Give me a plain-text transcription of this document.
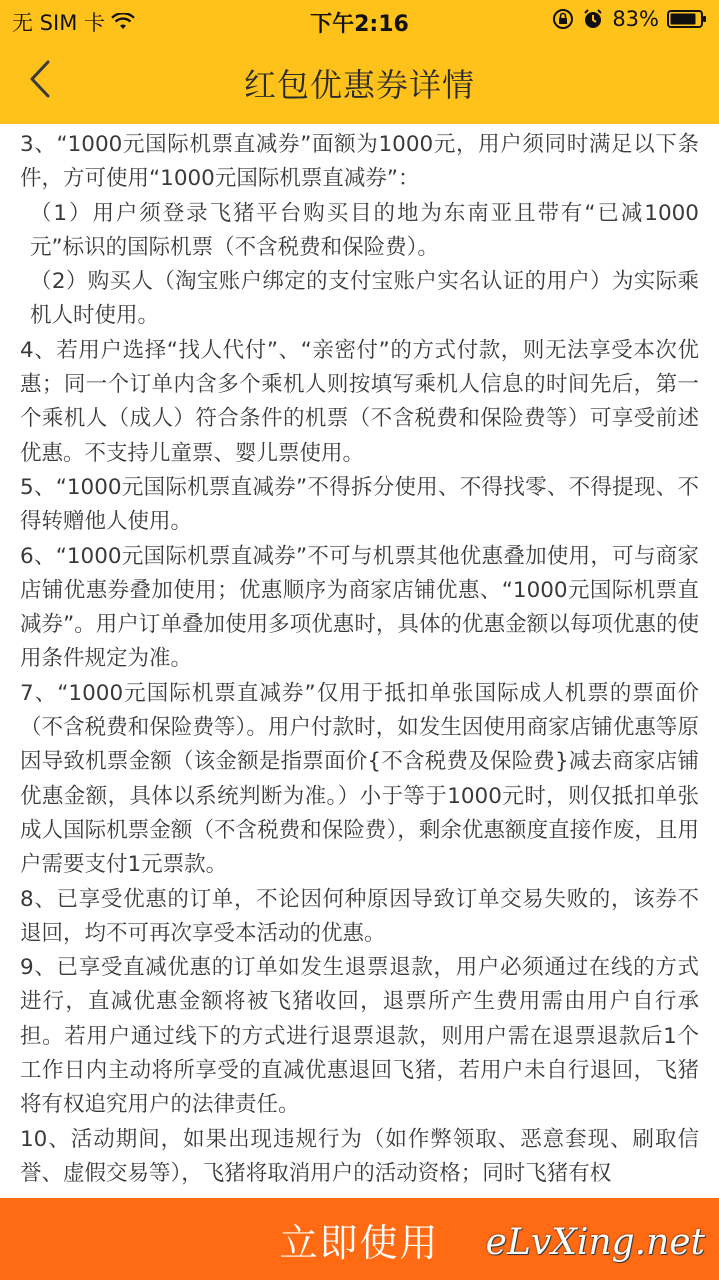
无 SIM 卡	下午2:16	83%
红包优惠券详情

3、“1000元国际机票直减券”面额为1000元，用户须同时满足以下条件，方可使用“1000元国际机票直减券”：

（1）用户须登录飞猪平台购买目的地为东南亚且带有“已减1000元”标识的国际机票（不含税费和保险费）。

（2）购买人（淘宝账户绑定的支付宝账户实名认证的用户）为实际乘机人时使用。

4、若用户选择“找人代付”、“亲密付”的方式付款，则无法享受本次优惠；同一个订单内含多个乘机人则按填写乘机人信息的时间先后，第一个乘机人（成人）符合条件的机票（不含税费和保险费等）可享受前述优惠。不支持儿童票、婴儿票使用。

5、“1000元国际机票直减券”不得拆分使用、不得找零、不得提现、不得转赠他人使用。

6、“1000元国际机票直减券”不可与机票其他优惠叠加使用，可与商家店铺优惠券叠加使用；优惠顺序为商家店铺优惠、“1000元国际机票直减券”。用户订单叠加使用多项优惠时，具体的优惠金额以每项优惠的使用条件规定为准。

7、“1000元国际机票直减券”仅用于抵扣单张国际成人机票的票面价（不含税费和保险费等）。用户付款时，如发生因使用商家店铺优惠等原因导致机票金额（该金额是指票面价{不含税费及保险费}减去商家店铺优惠金额，具体以系统判断为准。）小于等于1000元时，则仅抵扣单张成人国际机票金额（不含税费和保险费），剩余优惠额度直接作废，且用户需要支付1元票款。

8、已享受优惠的订单，不论因何种原因导致订单交易失败的，该券不退回，均不可再次享受本活动的优惠。

9、已享受直减优惠的订单如发生退票退款，用户必须通过在线的方式进行，直减优惠金额将被飞猪收回，退票所产生费用需由用户自行承担。若用户通过线下的方式进行退票退款，则用户需在退票退款后1个工作日内主动将所享受的直减优惠退回飞猪，若用户未自行退回，飞猪将有权追究用户的法律责任。

10、活动期间，如果出现违规行为（如作弊领取、恶意套现、刷取信誉、虚假交易等），飞猪将取消用户的活动资格；同时飞猪有权

立即使用	eLvXing.net
